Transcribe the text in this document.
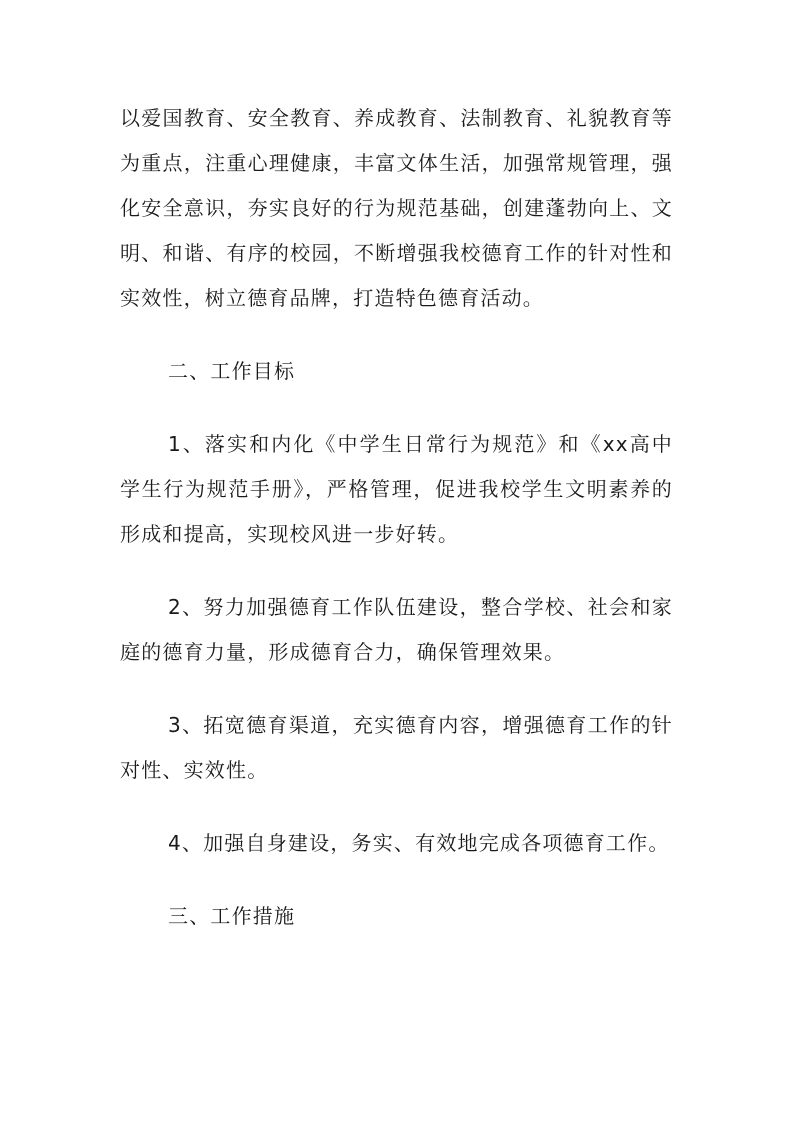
以爱国教育、安全教育、养成教育、法制教育、礼貌教育等为重点，注重心理健康，丰富文体生活，加强常规管理，强化安全意识，夯实良好的行为规范基础，创建蓬勃向上、文明、和谐、有序的校园，不断增强我校德育工作的针对性和实效性，树立德育品牌，打造特色德育活动。

二、工作目标

1、落实和内化《中学生日常行为规范》和《xx高中学生行为规范手册》，严格管理，促进我校学生文明素养的形成和提高，实现校风进一步好转。

2、努力加强德育工作队伍建设，整合学校、社会和家庭的德育力量，形成德育合力，确保管理效果。

3、拓宽德育渠道，充实德育内容，增强德育工作的针对性、实效性。

4、加强自身建设，务实、有效地完成各项德育工作。

三、工作措施
